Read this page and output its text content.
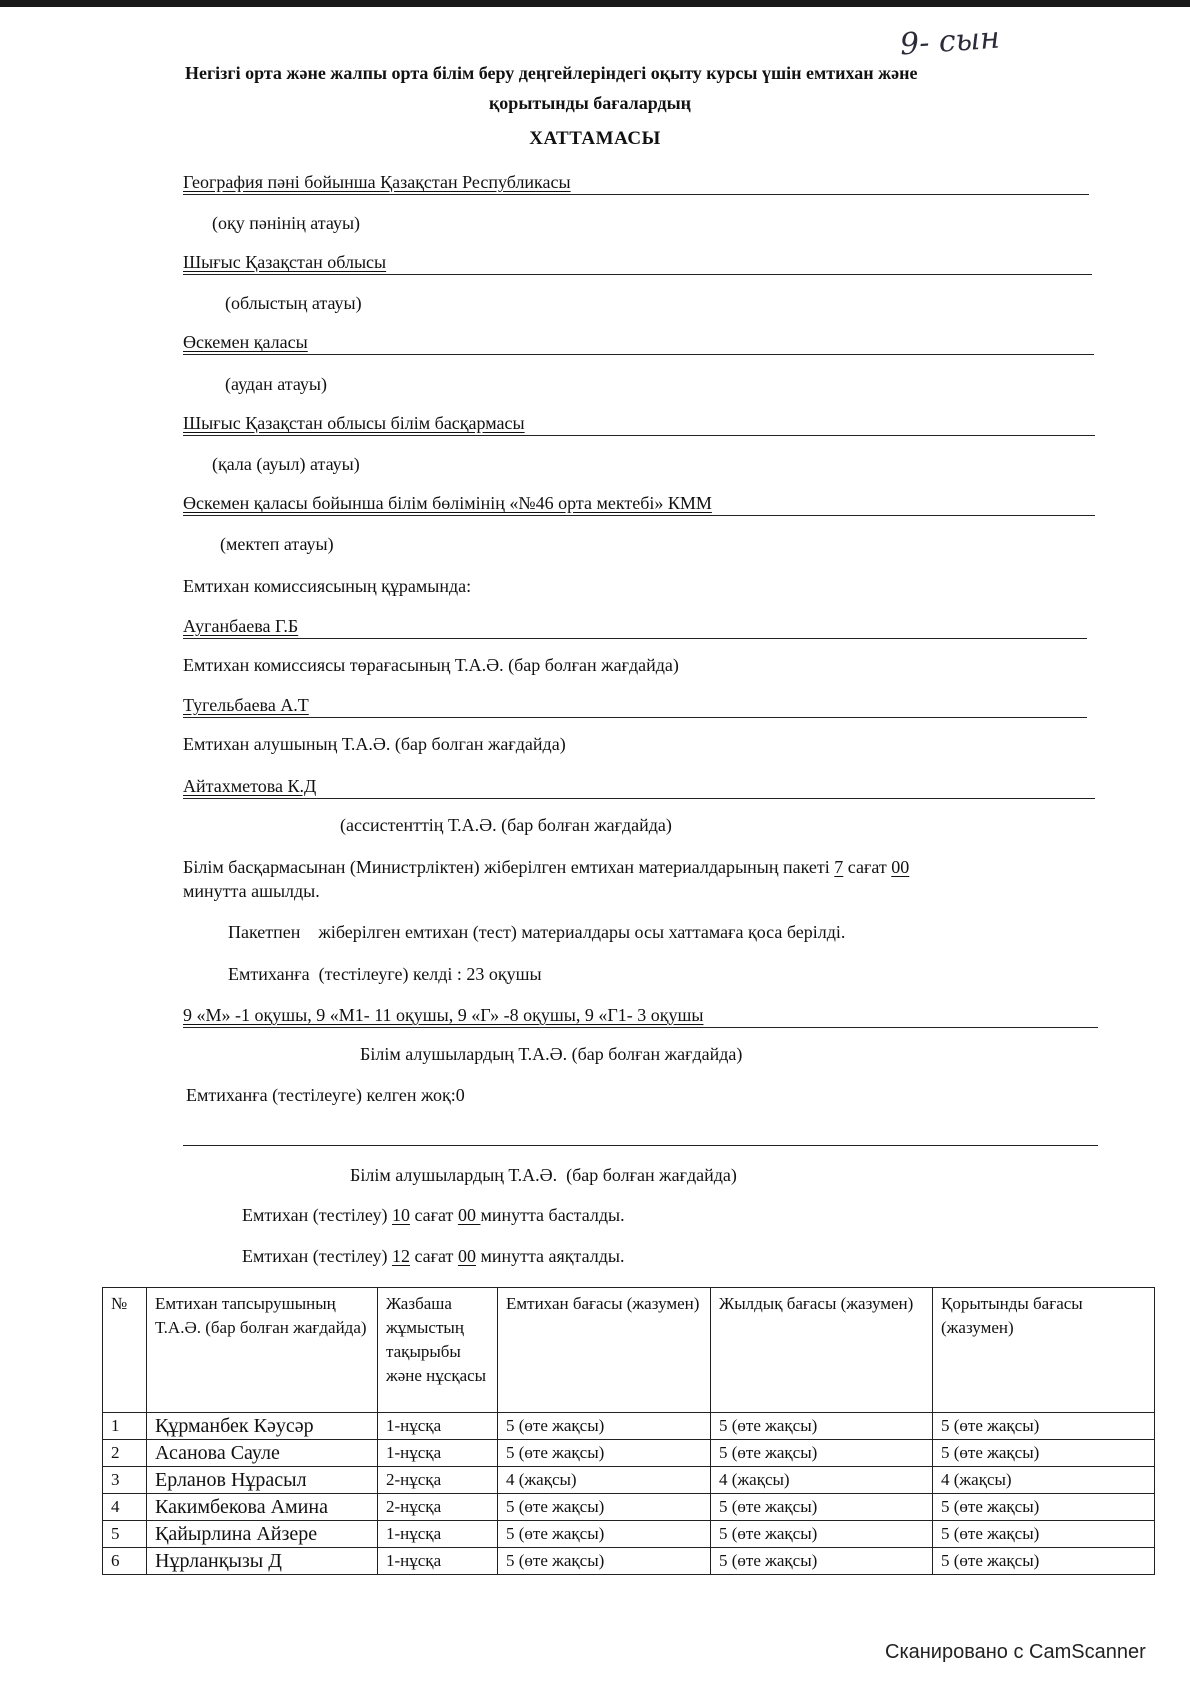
9- сын
Негізгі орта және жалпы орта білім беру деңгейлеріндегі оқыту курсы үшін емтихан және
қорытынды бағалардың
ХАТТАМАСЫ
География пәні бойынша Қазақстан Республикасы
(оқу пәнінің атауы)
Шығыс Қазақстан облысы
(облыстың атауы)
Өскемен қаласы
(аудан атауы)
Шығыс Қазақстан облысы білім басқармасы
(қала (ауыл) атауы)
Өскемен қаласы бойынша білім бөлімінің «№46 орта мектебі» КММ
(мектеп атауы)
Емтихан комиссиясының құрамында:
Ауганбаева Г.Б
Емтихан комиссиясы төрағасының Т.А.Ә. (бар болған жағдайда)
Тугельбаева А.Т
Емтихан алушының Т.А.Ә. (бар болган жағдайда)
Айтахметова К.Д
(ассистенттің Т.А.Ә. (бар болған жағдайда)
Білім басқармасынан (Министрліктен) жіберілген емтихан материалдарының пакеті 7 сағат 00
минутта ашылды.
Пакетпен    жіберілген емтихан (тест) материалдары осы хаттамаға қоса берілді.
Емтиханға  (тестілеуге) келді : 23 оқушы
9 «М» -1 оқушы, 9 «М1- 11 оқушы, 9 «Г» -8 оқушы, 9 «Г1- 3 оқушы
Білім алушылардың Т.А.Ә. (бар болған жағдайда)
Емтиханға (тестілеуге) келген жоқ:0
Білім алушылардың Т.А.Ә.  (бар болған жағдайда)
Емтихан (тестілеу) 10 сағат 00 минутта басталды.
Емтихан (тестілеу) 12 сағат 00 минутта аяқталды.
№	Емтихан тапсырушының Т.А.Ә. (бар болған жағдайда)	Жазбаша жұмыстың тақырыбы және нұсқасы	Емтихан бағасы (жазумен)	Жылдық бағасы (жазумен)	Қорытынды бағасы (жазумен)
1	Құрманбек Кәусәр	1-нұсқа	5 (өте жақсы)	5 (өте жақсы)	5 (өте жақсы)
2	Асанова Сауле	1-нұсқа	5 (өте жақсы)	5 (өте жақсы)	5 (өте жақсы)
3	Ерланов Нұрасыл	2-нұсқа	4 (жақсы)	4 (жақсы)	4 (жақсы)
4	Какимбекова Амина	2-нұсқа	5 (өте жақсы)	5 (өте жақсы)	5 (өте жақсы)
5	Қайырлина Айзере	1-нұсқа	5 (өте жақсы)	5 (өте жақсы)	5 (өте жақсы)
6	Нұрланқызы Д	1-нұсқа	5 (өте жақсы)	5 (өте жақсы)	5 (өте жақсы)
Сканировано с CamScanner
